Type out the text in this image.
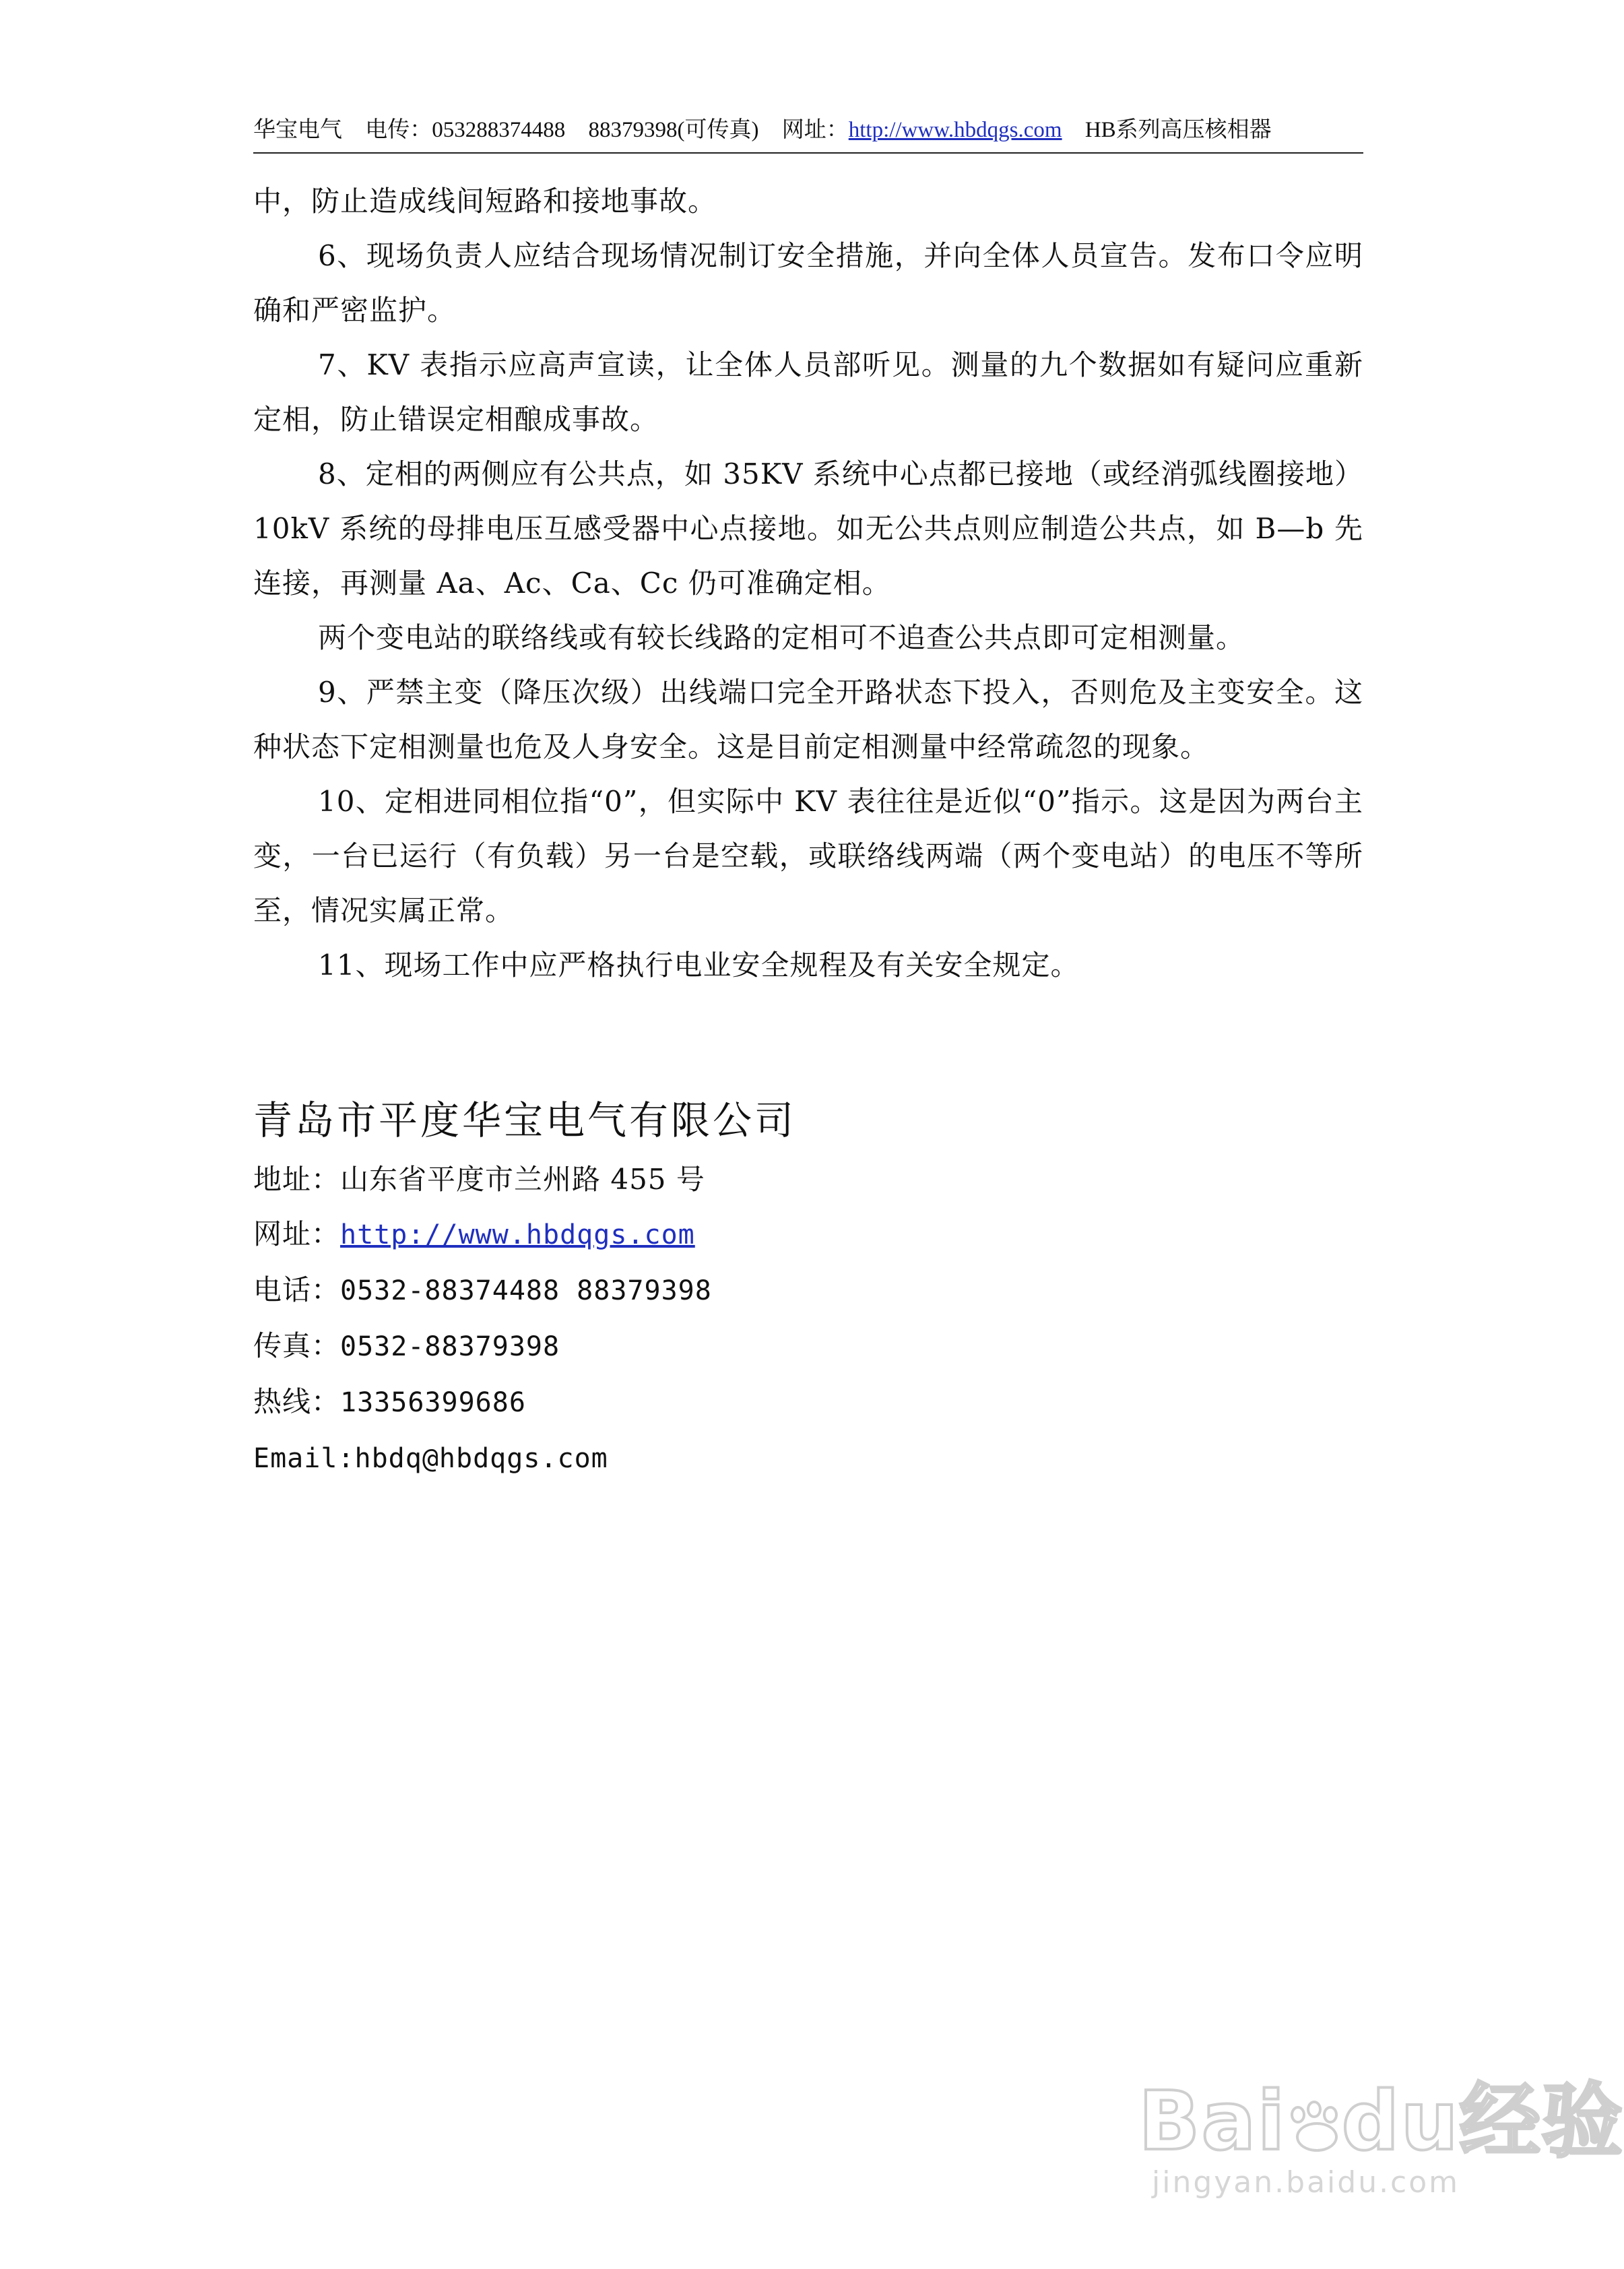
华宝电气 电传：053288374488 88379398(可传真) 网址：http://www.hbdqgs.com HB系列高压核相器

中，防止造成线间短路和接地事故。

6、现场负责人应结合现场情况制订安全措施，并向全体人员宣告。发布口令应明确和严密监护。

7、KV 表指示应高声宣读，让全体人员部听见。测量的九个数据如有疑问应重新定相，防止错误定相酿成事故。

8、定相的两侧应有公共点，如 35KV 系统中心点都已接地（或经消弧线圈接地）10kV 系统的母排电压互感受器中心点接地。如无公共点则应制造公共点，如 B—b 先连接，再测量 Aa、Ac、Ca、Cc 仍可准确定相。

两个变电站的联络线或有较长线路的定相可不追查公共点即可定相测量。

9、严禁主变（降压次级）出线端口完全开路状态下投入，否则危及主变安全。这种状态下定相测量也危及人身安全。这是目前定相测量中经常疏忽的现象。

10、定相进同相位指“0”，但实际中 KV 表往往是近似“0”指示。这是因为两台主变，一台已运行（有负载）另一台是空载，或联络线两端（两个变电站）的电压不等所至，情况实属正常。

11、现场工作中应严格执行电业安全规程及有关安全规定。

青岛市平度华宝电气有限公司

地址：山东省平度市兰州路 455 号

网址：http://www.hbdqgs.com

电话：0532-88374488 88379398

传真：0532-88379398

热线：13356399686

Email:hbdq@hbdqgs.com

Bai du经验
jingyan.baidu.com
